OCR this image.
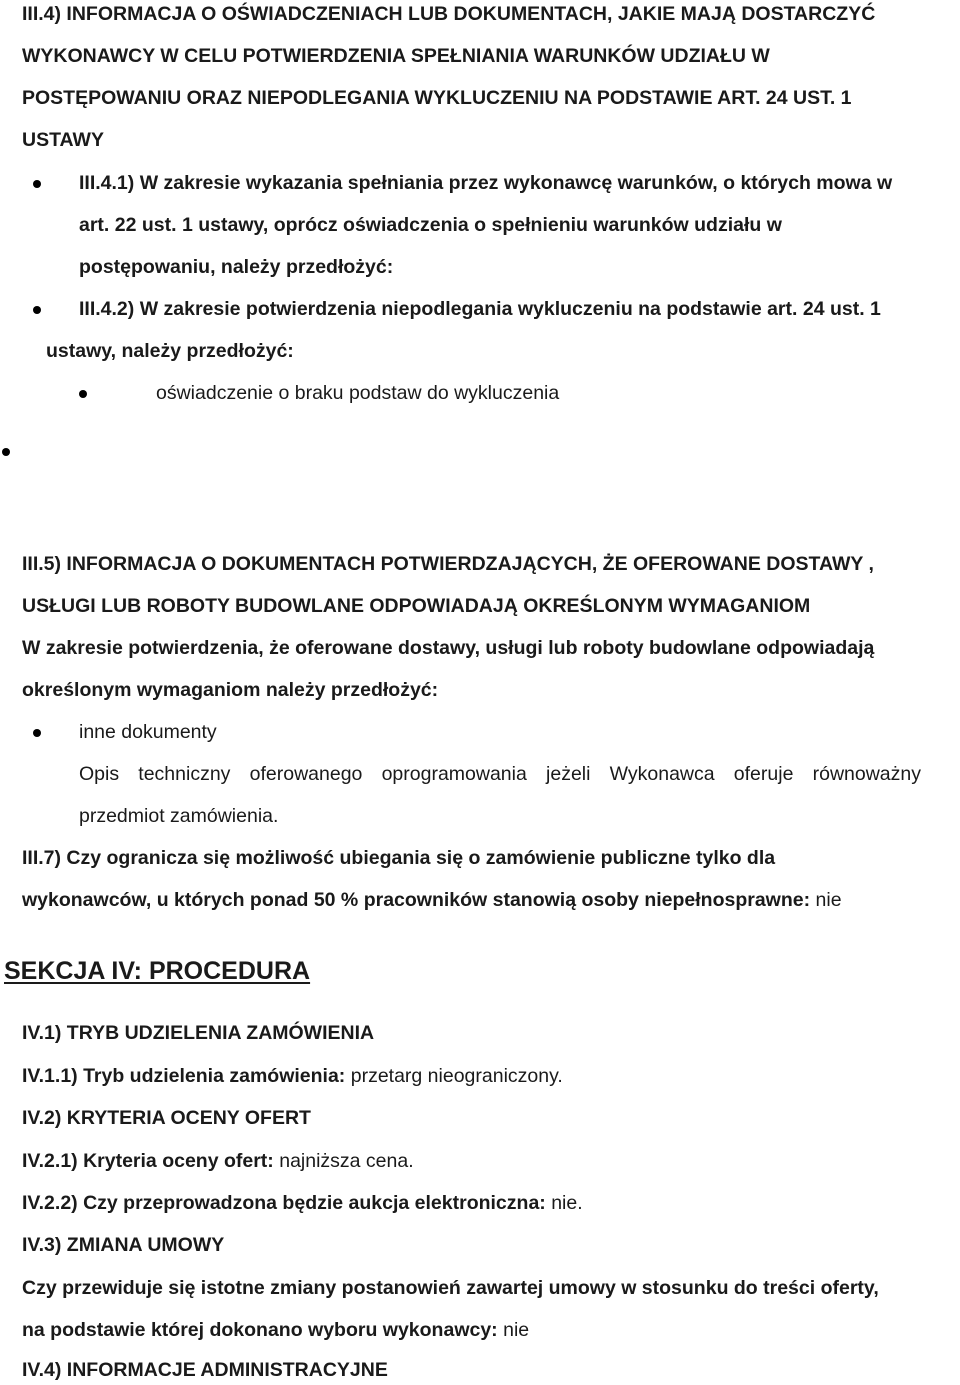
III.4) INFORMACJA O OŚWIADCZENIACH LUB DOKUMENTACH, JAKIE MAJĄ DOSTARCZYĆ
WYKONAWCY W CELU POTWIERDZENIA SPEŁNIANIA WARUNKÓW UDZIAŁU W
POSTĘPOWANIU ORAZ NIEPODLEGANIA WYKLUCZENIU NA PODSTAWIE ART. 24 UST. 1
USTAWY
III.4.1) W zakresie wykazania spełniania przez wykonawcę warunków, o których mowa w
art. 22 ust. 1 ustawy, oprócz oświadczenia o spełnieniu warunków udziału w
postępowaniu, należy przedłożyć:
III.4.2) W zakresie potwierdzenia niepodlegania wykluczeniu na podstawie art. 24 ust. 1
ustawy, należy przedłożyć:
oświadczenie o braku podstaw do wykluczenia
III.5) INFORMACJA O DOKUMENTACH POTWIERDZAJĄCYCH, ŻE OFEROWANE DOSTAWY ,
USŁUGI LUB ROBOTY BUDOWLANE ODPOWIADAJĄ OKREŚLONYM WYMAGANIOM
W zakresie potwierdzenia, że oferowane dostawy, usługi lub roboty budowlane odpowiadają
określonym wymaganiom należy przedłożyć:
inne dokumenty
Opis techniczny oferowanego oprogramowania jeżeli Wykonawca oferuje równoważny
przedmiot zamówienia.
III.7) Czy ogranicza się możliwość ubiegania się o zamówienie publiczne tylko dla
wykonawców, u których ponad 50 % pracowników stanowią osoby niepełnosprawne: nie
SEKCJA IV: PROCEDURA
IV.1) TRYB UDZIELENIA ZAMÓWIENIA
IV.1.1) Tryb udzielenia zamówienia: przetarg nieograniczony.
IV.2) KRYTERIA OCENY OFERT
IV.2.1) Kryteria oceny ofert: najniższa cena.
IV.2.2) Czy przeprowadzona będzie aukcja elektroniczna: nie.
IV.3) ZMIANA UMOWY
Czy przewiduje się istotne zmiany postanowień zawartej umowy w stosunku do treści oferty,
na podstawie której dokonano wyboru wykonawcy: nie
IV.4) INFORMACJE ADMINISTRACYJNE
